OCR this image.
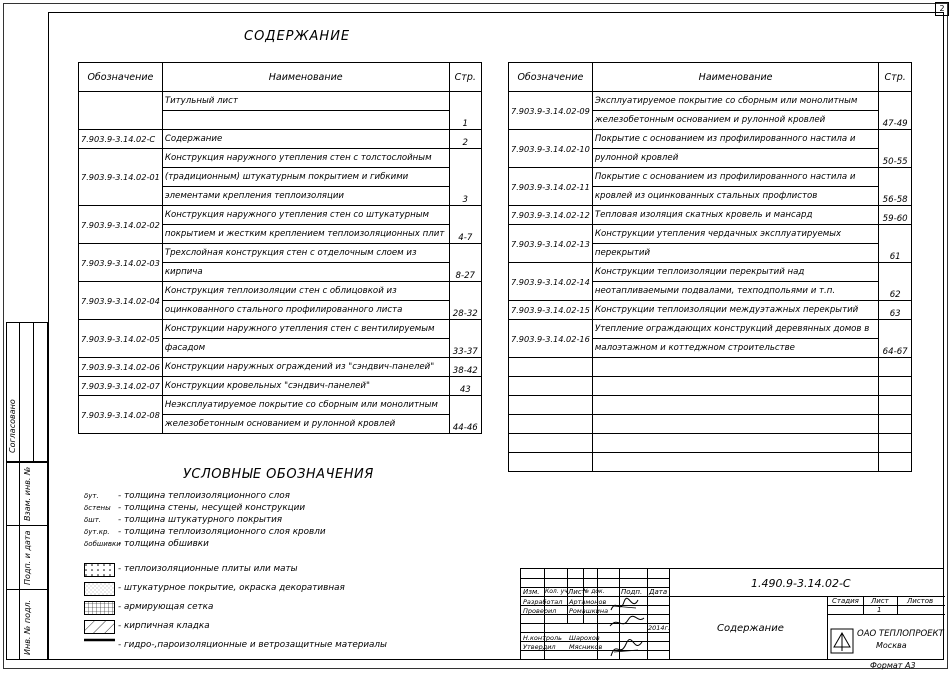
2
СОДЕРЖАНИЕ
Обозначение	Наименование	Стр.
	Титульный лист	1

7.903.9-3.14.02-С	Содержание	2
7.903.9-3.14.02-01	Конструкция наружного утепления стен с толстослойным	3
	(традиционным) штукатурным покрытием и гибкими	
	элементами крепления теплоизоляции	
7.903.9-3.14.02-02	Конструкция наружного утепления стен со штукатурным	4-7
	покрытием и жестким креплением теплоизоляционных плит	
7.903.9-3.14.02-03	Трехслойная конструкция стен с отделочным слоем из	8-27
	кирпича	
7.903.9-3.14.02-04	Конструкция теплоизоляции стен с облицовкой из	28-32
	оцинкованного стального профилированного листа	
7.903.9-3.14.02-05	Конструкции наружного утепления стен с вентилируемым	33-37
	фасадом	
7.903.9-3.14.02-06	Конструкции наружных ограждений из "сэндвич-панелей"	38-42
7.903.9-3.14.02-07	Конструкции кровельных "сэндвич-панелей"	43
7.903.9-3.14.02-08	Неэксплуатируемое покрытие со сборным или монолитным	44-46
	железобетонным основанием и рулонной кровлей	
Обозначение	Наименование	Стр.
7.903.9-3.14.02-09	Эксплуатируемое покрытие со сборным или монолитным	47-49
	железобетонным основанием и рулонной кровлей	
7.903.9-3.14.02-10	Покрытие с основанием из профилированного настила и	50-55
	рулонной кровлей	
7.903.9-3.14.02-11	Покрытие с основанием из профилированного настила и	56-58
	кровлей из оцинкованных стальных профлистов	
7.903.9-3.14.02-12	Тепловая изоляция скатных кровель и мансард	59-60
7.903.9-3.14.02-13	Конструкции утепления чердачных эксплуатируемых	61
	перекрытий	
7.903.9-3.14.02-14	Конструкции теплоизоляции перекрытий над	62
	неотапливаемыми подвалами, техподпольями и т.п.	
7.903.9-3.14.02-15	Конструкции теплоизоляции междуэтажных перекрытий	63
7.903.9-3.14.02-16	Утепление ограждающих конструкций деревянных домов в	64-67
	малоэтажном и коттеджном строительстве	

УСЛОВНЫЕ ОБОЗНАЧЕНИЯ
δут. - толщина теплоизоляционного слоя
δстены - толщина стены, несущей конструкции
δшт. - толщина штукатурного покрытия
δут.кр. - толщина теплоизоляционного слоя кровли
δобшивки- толщина обшивки
- теплоизоляционные плиты или маты
- штукатурное покрытие, окраска декоративная
- армирующая сетка
- кирпичная кладка
- гидро-,пароизоляционные и ветрозащитные материалы
Согласовано
Взам. инв. №
Подп. и дата
Инв. № подл.
Изм. Кол. уч Лист
№ док. Подп. Дата
Разработал Артамонов
Проверил Ромашкина
Н.контроль Шарохов
Утвердил Мясников
2014г.
1.490.9-3.14.02-С
Содержание
Стадия Лист	Листов
1
ОАО ТЕПЛОПРОЕКТ
Москва
Формат А3
